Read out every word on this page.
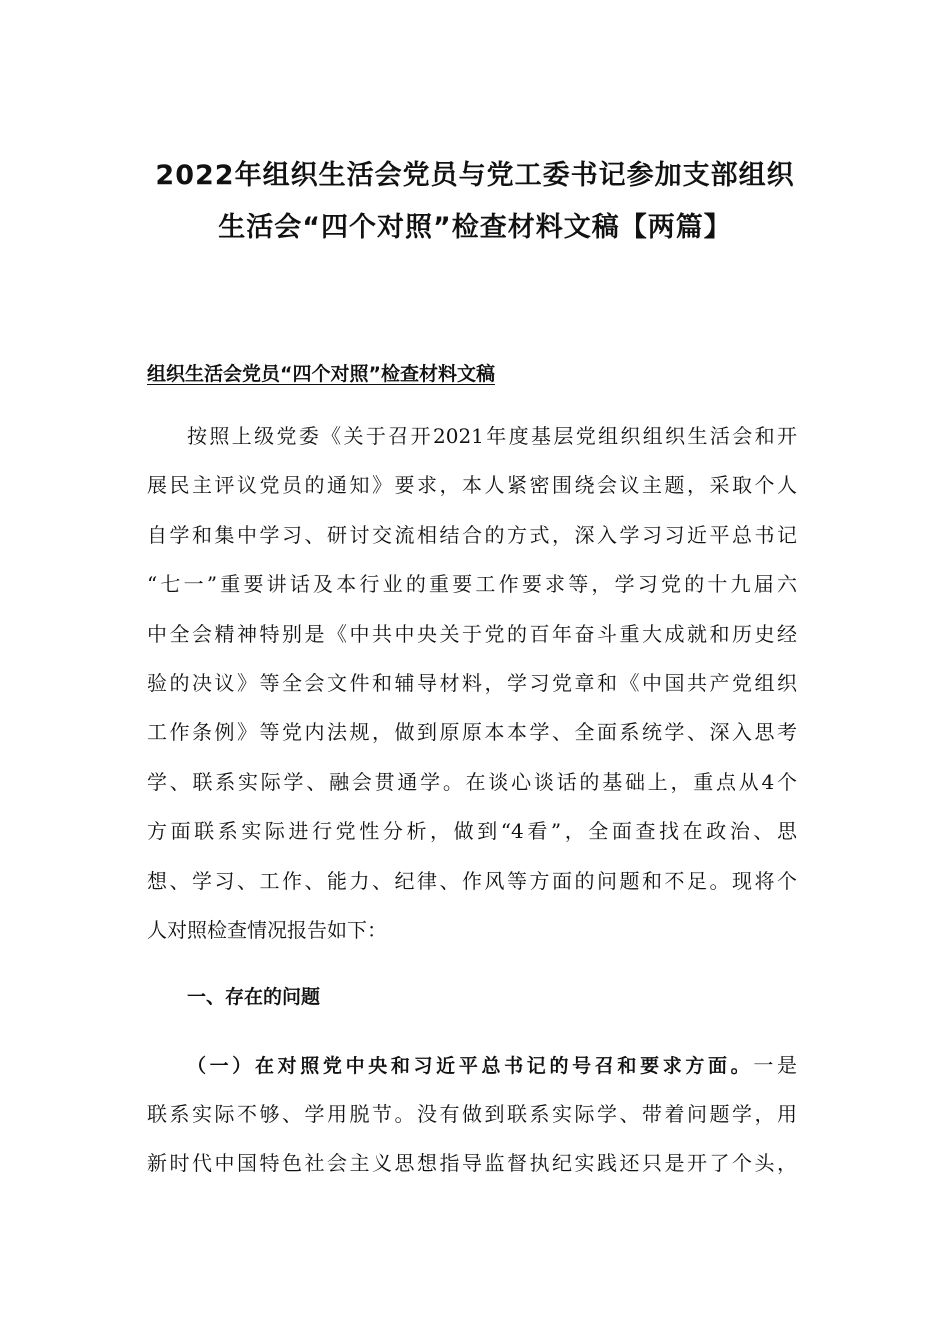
2022年组织生活会党员与党工委书记参加支部组织
生活会“四个对照”检查材料文稿【两篇】
组织生活会党员“四个对照”检查材料文稿
按照上级党委《关于召开2021年度基层党组织组织生活会和开
展民主评议党员的通知》要求，本人紧密围绕会议主题，采取个人
自学和集中学习、研讨交流相结合的方式，深入学习习近平总书记
“七一”重要讲话及本行业的重要工作要求等，学习党的十九届六
中全会精神特别是《中共中央关于党的百年奋斗重大成就和历史经
验的决议》等全会文件和辅导材料，学习党章和《中国共产党组织
工作条例》等党内法规，做到原原本本学、全面系统学、深入思考
学、联系实际学、融会贯通学。在谈心谈话的基础上，重点从4个
方面联系实际进行党性分析，做到“4看”，全面查找在政治、思
想、学习、工作、能力、纪律、作风等方面的问题和不足。现将个
人对照检查情况报告如下：
一、存在的问题
（一）在对照党中央和习近平总书记的号召和要求方面。一是
联系实际不够、学用脱节。没有做到联系实际学、带着问题学，用
新时代中国特色社会主义思想指导监督执纪实践还只是开了个头，
